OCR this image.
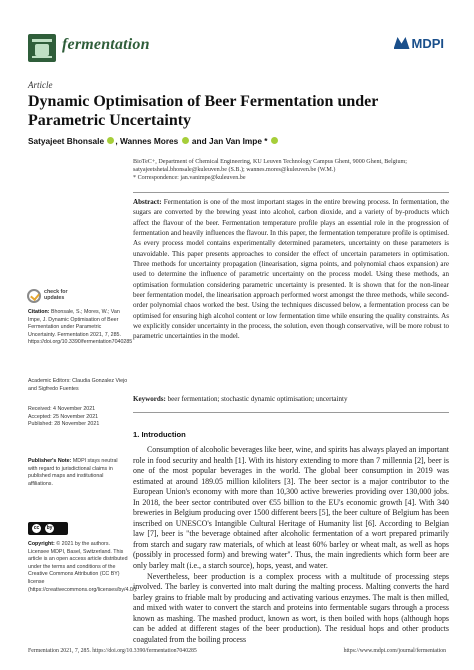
fermentation	MDPI
Article
Dynamic Optimisation of Beer Fermentation under Parametric Uncertainty
Satyajeet Bhonsale , Wannes Mores and Jan Van Impe *
BioTeC+, Department of Chemical Engineering, KU Leuven Technology Campus Ghent, 9000 Ghent, Belgium;
satyajeetshetal.bhonsale@kuleuven.be (S.B.); wannes.mores@kuleuven.be (W.M.)
* Correspondence: jan.vanimpe@kuleuven.be
Abstract: Fermentation is one of the most important stages in the entire brewing process. In fermentation, the sugars are converted by the brewing yeast into alcohol, carbon dioxide, and a variety of by-products which affect the flavour of the beer. Fermentation temperature profile plays an essential role in the progression of fermentation and heavily influences the flavour. In this paper, the fermentation temperature profile is optimised. As every process model contains experimentally determined parameters, uncertainty on these parameters is unavoidable. This paper presents approaches to consider the effect of uncertain parameters in optimisation. Three methods for uncertainty propagation (linearisation, sigma points, and polynomial chaos expansion) are used to determine the influence of parametric uncertainty on the process model. Using these methods, an optimisation formulation considering parametric uncertainty is presented. It is shown that for the non-linear beer fermentation model, the linearisation approach performed worst amongst the three methods, while second-order polynomial chaos worked the best. Using the techniques discussed below, a fermentation process can be optimised for ensuring high alcohol content or low fermentation time while ensuring the quality constraints. As we explicitly consider uncertainty in the process, the solution, even though conservative, will be more robust to parametric uncertainties in the model.
Keywords: beer fermentation; stochastic dynamic optimisation; uncertainty
check for updates
Citation: Bhonsale, S.; Mores, W.; Van Impe, J. Dynamic Optimisation of Beer Fermentation under Parametric Uncertainty. Fermentation 2021, 7, 285. https://doi.org/10.3390/fermentation7040285
Academic Editors: Claudia Gonzalez Viejo and Sigfredo Fuentes
Received: 4 November 2021
Accepted: 25 November 2021
Published: 28 November 2021
Publisher's Note: MDPI stays neutral with regard to jurisdictional claims in published maps and institutional affiliations.
cc	by
Copyright: © 2021 by the authors. Licensee MDPI, Basel, Switzerland. This article is an open access article distributed under the terms and conditions of the Creative Commons Attribution (CC BY) license (https://creativecommons.org/licenses/by/4.0/).
1. Introduction

Consumption of alcoholic beverages like beer, wine, and spirits has always played an important role in food security and health [1]. With its history extending to more than 7 millennia [2], beer is one of the most popular beverages in the world. The global beer consumption in 2019 was estimated at around 189.05 million kiloliters [3]. The beer sector is a major contributor to the European Union's economy with more than 10,300 active breweries providing over 130,000 jobs. In 2018, the beer sector contributed over €55 billion to the EU's economic growth [4]. With 340 breweries in Belgium producing over 1500 different beers [5], the beer culture of Belgium has been inscribed on UNESCO's Intangible Cultural Heritage of Humanity list [6]. According to Belgian law [7], beer is "the beverage obtained after alcoholic fermentation of a wort prepared primarily from starch and sugary raw materials, of which at least 60% barley or wheat malt, as well as hops (possibly in processed form) and brewing water". Thus, the main ingredients which form beer are only barley malt (i.e., a starch source), hops, yeast, and water.

Nevertheless, beer production is a complex process with a multitude of processing steps involved. The barley is converted into malt during the malting process. Malting converts the hard barley grains to friable malt by producing and activating various enzymes. The malt is then milled, and mixed with water to convert the starch and proteins into fermentable sugars through a process known as mashing. The mashed product, known as wort, is then boiled with hops (although hops can be added at different stages of the beer production). The residual hops and other products coagulated from the boiling process

Fermentation 2021, 7, 285. https://doi.org/10.3390/fermentation7040285	https://www.mdpi.com/journal/fermentation
